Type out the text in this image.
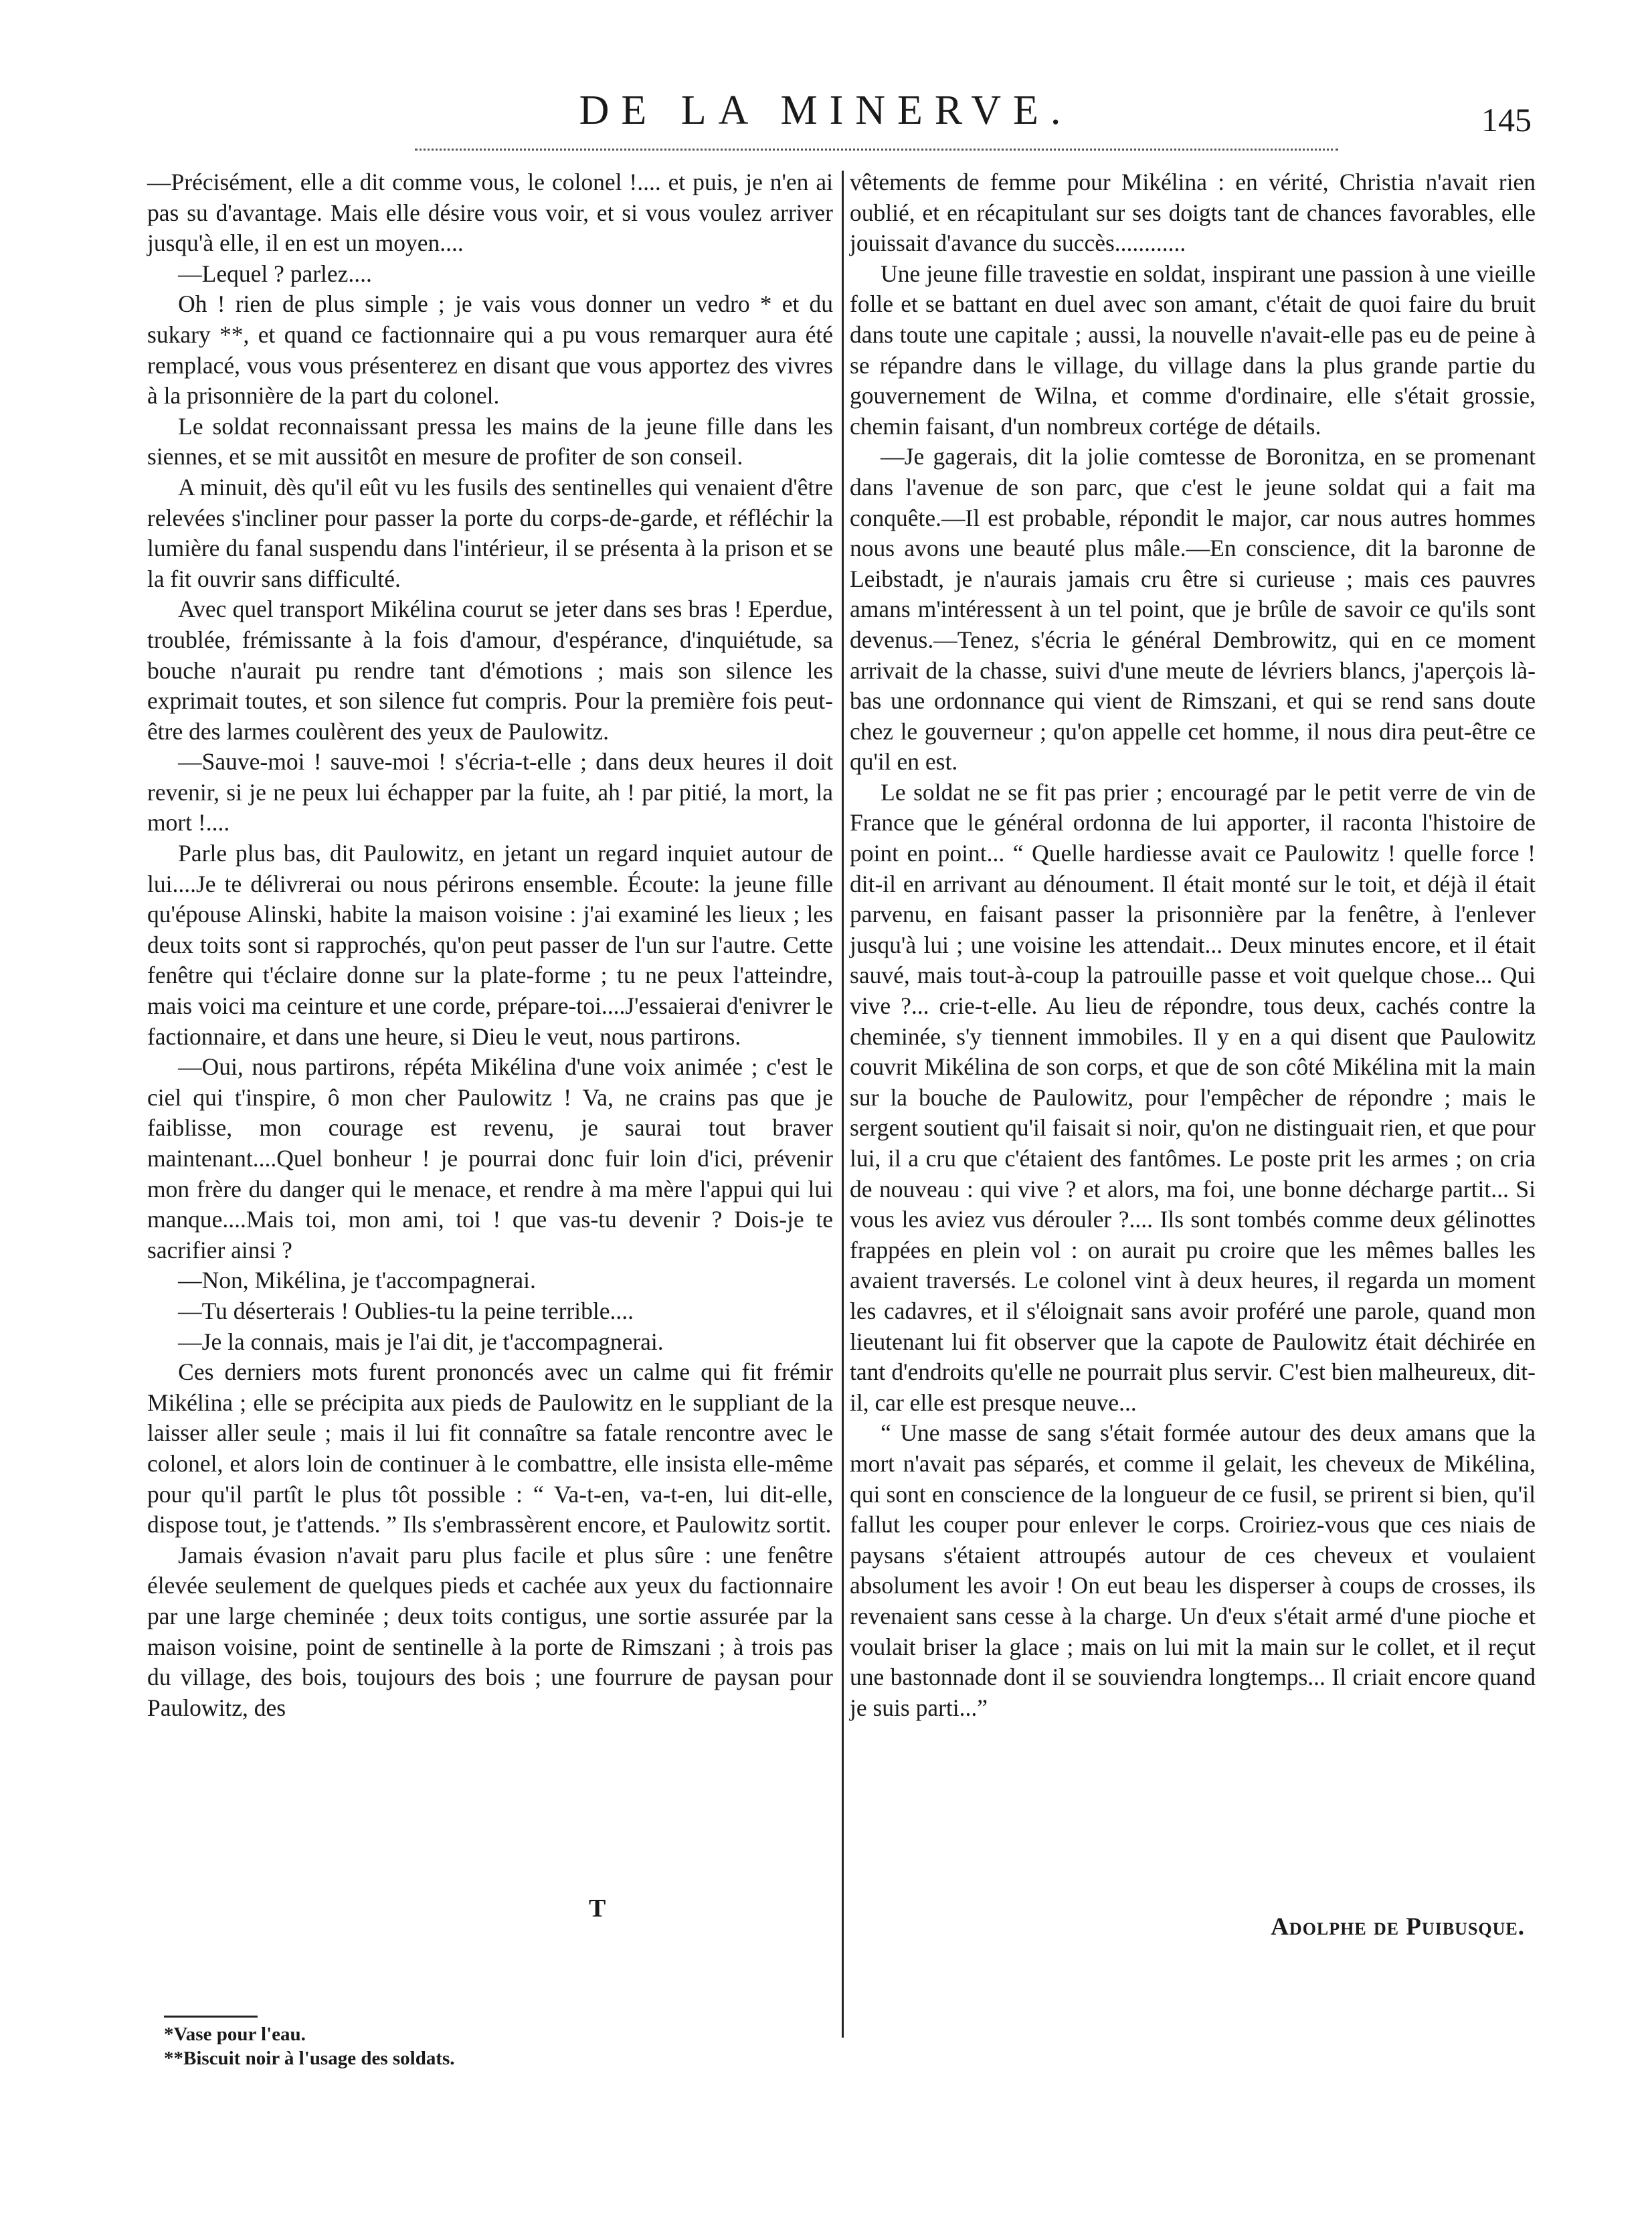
DE LA MINERVE.	145

—Précisément, elle a dit comme vous, le colonel !.... et puis, je n'en ai pas su d'avantage. Mais elle désire vous voir, et si vous voulez arriver jusqu'à elle, il en est un moyen....

—Lequel ? parlez....

Oh ! rien de plus simple ; je vais vous donner un vedro * et du sukary **, et quand ce factionnaire qui a pu vous remarquer aura été remplacé, vous vous présenterez en disant que vous apportez des vivres à la prisonnière de la part du colonel.

Le soldat reconnaissant pressa les mains de la jeune fille dans les siennes, et se mit aussitôt en mesure de profiter de son conseil.

A minuit, dès qu'il eût vu les fusils des sentinelles qui venaient d'être relevées s'incliner pour passer la porte du corps-de-garde, et réfléchir la lumière du fanal suspendu dans l'intérieur, il se présenta à la prison et se la fit ouvrir sans difficulté.

Avec quel transport Mikélina courut se jeter dans ses bras ! Eperdue, troublée, frémissante à la fois d'amour, d'espérance, d'inquiétude, sa bouche n'aurait pu rendre tant d'émotions ; mais son silence les exprimait toutes, et son silence fut compris. Pour la première fois peut-être des larmes coulèrent des yeux de Paulowitz.

—Sauve-moi ! sauve-moi ! s'écria-t-elle ; dans deux heures il doit revenir, si je ne peux lui échapper par la fuite, ah ! par pitié, la mort, la mort !....

Parle plus bas, dit Paulowitz, en jetant un regard inquiet autour de lui....Je te délivrerai ou nous périrons ensemble. Écoute: la jeune fille qu'épouse Alinski, habite la maison voisine : j'ai examiné les lieux ; les deux toits sont si rapprochés, qu'on peut passer de l'un sur l'autre. Cette fenêtre qui t'éclaire donne sur la plate-forme ; tu ne peux l'atteindre, mais voici ma ceinture et une corde, prépare-toi....J'essaierai d'enivrer le factionnaire, et dans une heure, si Dieu le veut, nous partirons.

—Oui, nous partirons, répéta Mikélina d'une voix animée ; c'est le ciel qui t'inspire, ô mon cher Paulowitz ! Va, ne crains pas que je faiblisse, mon courage est revenu, je saurai tout braver maintenant....Quel bonheur ! je pourrai donc fuir loin d'ici, prévenir mon frère du danger qui le menace, et rendre à ma mère l'appui qui lui manque....Mais toi, mon ami, toi ! que vas-tu devenir ? Dois-je te sacrifier ainsi ?

—Non, Mikélina, je t'accompagnerai.

—Tu déserterais ! Oublies-tu la peine terrible....

—Je la connais, mais je l'ai dit, je t'accompagnerai.

Ces derniers mots furent prononcés avec un calme qui fit frémir Mikélina ; elle se précipita aux pieds de Paulowitz en le suppliant de la laisser aller seule ; mais il lui fit connaître sa fatale rencontre avec le colonel, et alors loin de continuer à le combattre, elle insista elle-même pour qu'il partît le plus tôt possible : “ Va-t-en, va-t-en, lui dit-elle, dispose tout, je t'attends. ” Ils s'embrassèrent encore, et Paulowitz sortit.

Jamais évasion n'avait paru plus facile et plus sûre : une fenêtre élevée seulement de quelques pieds et cachée aux yeux du factionnaire par une large cheminée ; deux toits contigus, une sortie assurée par la maison voisine, point de sentinelle à la porte de Rimszani ; à trois pas du village, des bois, toujours des bois ; une fourrure de paysan pour Paulowitz, des

vêtements de femme pour Mikélina : en vérité, Christia n'avait rien oublié, et en récapitulant sur ses doigts tant de chances favorables, elle jouissait d'avance du succès............

Une jeune fille travestie en soldat, inspirant une passion à une vieille folle et se battant en duel avec son amant, c'était de quoi faire du bruit dans toute une capitale ; aussi, la nouvelle n'avait-elle pas eu de peine à se répandre dans le village, du village dans la plus grande partie du gouvernement de Wilna, et comme d'ordinaire, elle s'était grossie, chemin faisant, d'un nombreux cortége de détails.

—Je gagerais, dit la jolie comtesse de Boronitza, en se promenant dans l'avenue de son parc, que c'est le jeune soldat qui a fait ma conquête.—Il est probable, répondit le major, car nous autres hommes nous avons une beauté plus mâle.—En conscience, dit la baronne de Leibstadt, je n'aurais jamais cru être si curieuse ; mais ces pauvres amans m'intéressent à un tel point, que je brûle de savoir ce qu'ils sont devenus.—Tenez, s'écria le général Dembrowitz, qui en ce moment arrivait de la chasse, suivi d'une meute de lévriers blancs, j'aperçois là-bas une ordonnance qui vient de Rimszani, et qui se rend sans doute chez le gouverneur ; qu'on appelle cet homme, il nous dira peut-être ce qu'il en est.

Le soldat ne se fit pas prier ; encouragé par le petit verre de vin de France que le général ordonna de lui apporter, il raconta l'histoire de point en point... “ Quelle hardiesse avait ce Paulowitz ! quelle force ! dit-il en arrivant au dénoument. Il était monté sur le toit, et déjà il était parvenu, en faisant passer la prisonnière par la fenêtre, à l'enlever jusqu'à lui ; une voisine les attendait... Deux minutes encore, et il était sauvé, mais tout-à-coup la patrouille passe et voit quelque chose... Qui vive ?... crie-t-elle. Au lieu de répondre, tous deux, cachés contre la cheminée, s'y tiennent immobiles. Il y en a qui disent que Paulowitz couvrit Mikélina de son corps, et que de son côté Mikélina mit la main sur la bouche de Paulowitz, pour l'empêcher de répondre ; mais le sergent soutient qu'il faisait si noir, qu'on ne distinguait rien, et que pour lui, il a cru que c'étaient des fantômes. Le poste prit les armes ; on cria de nouveau : qui vive ? et alors, ma foi, une bonne décharge partit... Si vous les aviez vus dérouler ?.... Ils sont tombés comme deux gélinottes frappées en plein vol : on aurait pu croire que les mêmes balles les avaient traversés. Le colonel vint à deux heures, il regarda un moment les cadavres, et il s'éloignait sans avoir proféré une parole, quand mon lieutenant lui fit observer que la capote de Paulowitz était déchirée en tant d'endroits qu'elle ne pourrait plus servir. C'est bien malheureux, dit-il, car elle est presque neuve...

“ Une masse de sang s'était formée autour des deux amans que la mort n'avait pas séparés, et comme il gelait, les cheveux de Mikélina, qui sont en conscience de la longueur de ce fusil, se prirent si bien, qu'il fallut les couper pour enlever le corps. Croiriez-vous que ces niais de paysans s'étaient attroupés autour de ces cheveux et voulaient absolument les avoir ! On eut beau les disperser à coups de crosses, ils revenaient sans cesse à la charge. Un d'eux s'était armé d'une pioche et voulait briser la glace ; mais on lui mit la main sur le collet, et il reçut une bastonnade dont il se souviendra longtemps... Il criait encore quand je suis parti...”

T
Adolphe de Puibusque.
*Vase pour l'eau.
**Biscuit noir à l'usage des soldats.
